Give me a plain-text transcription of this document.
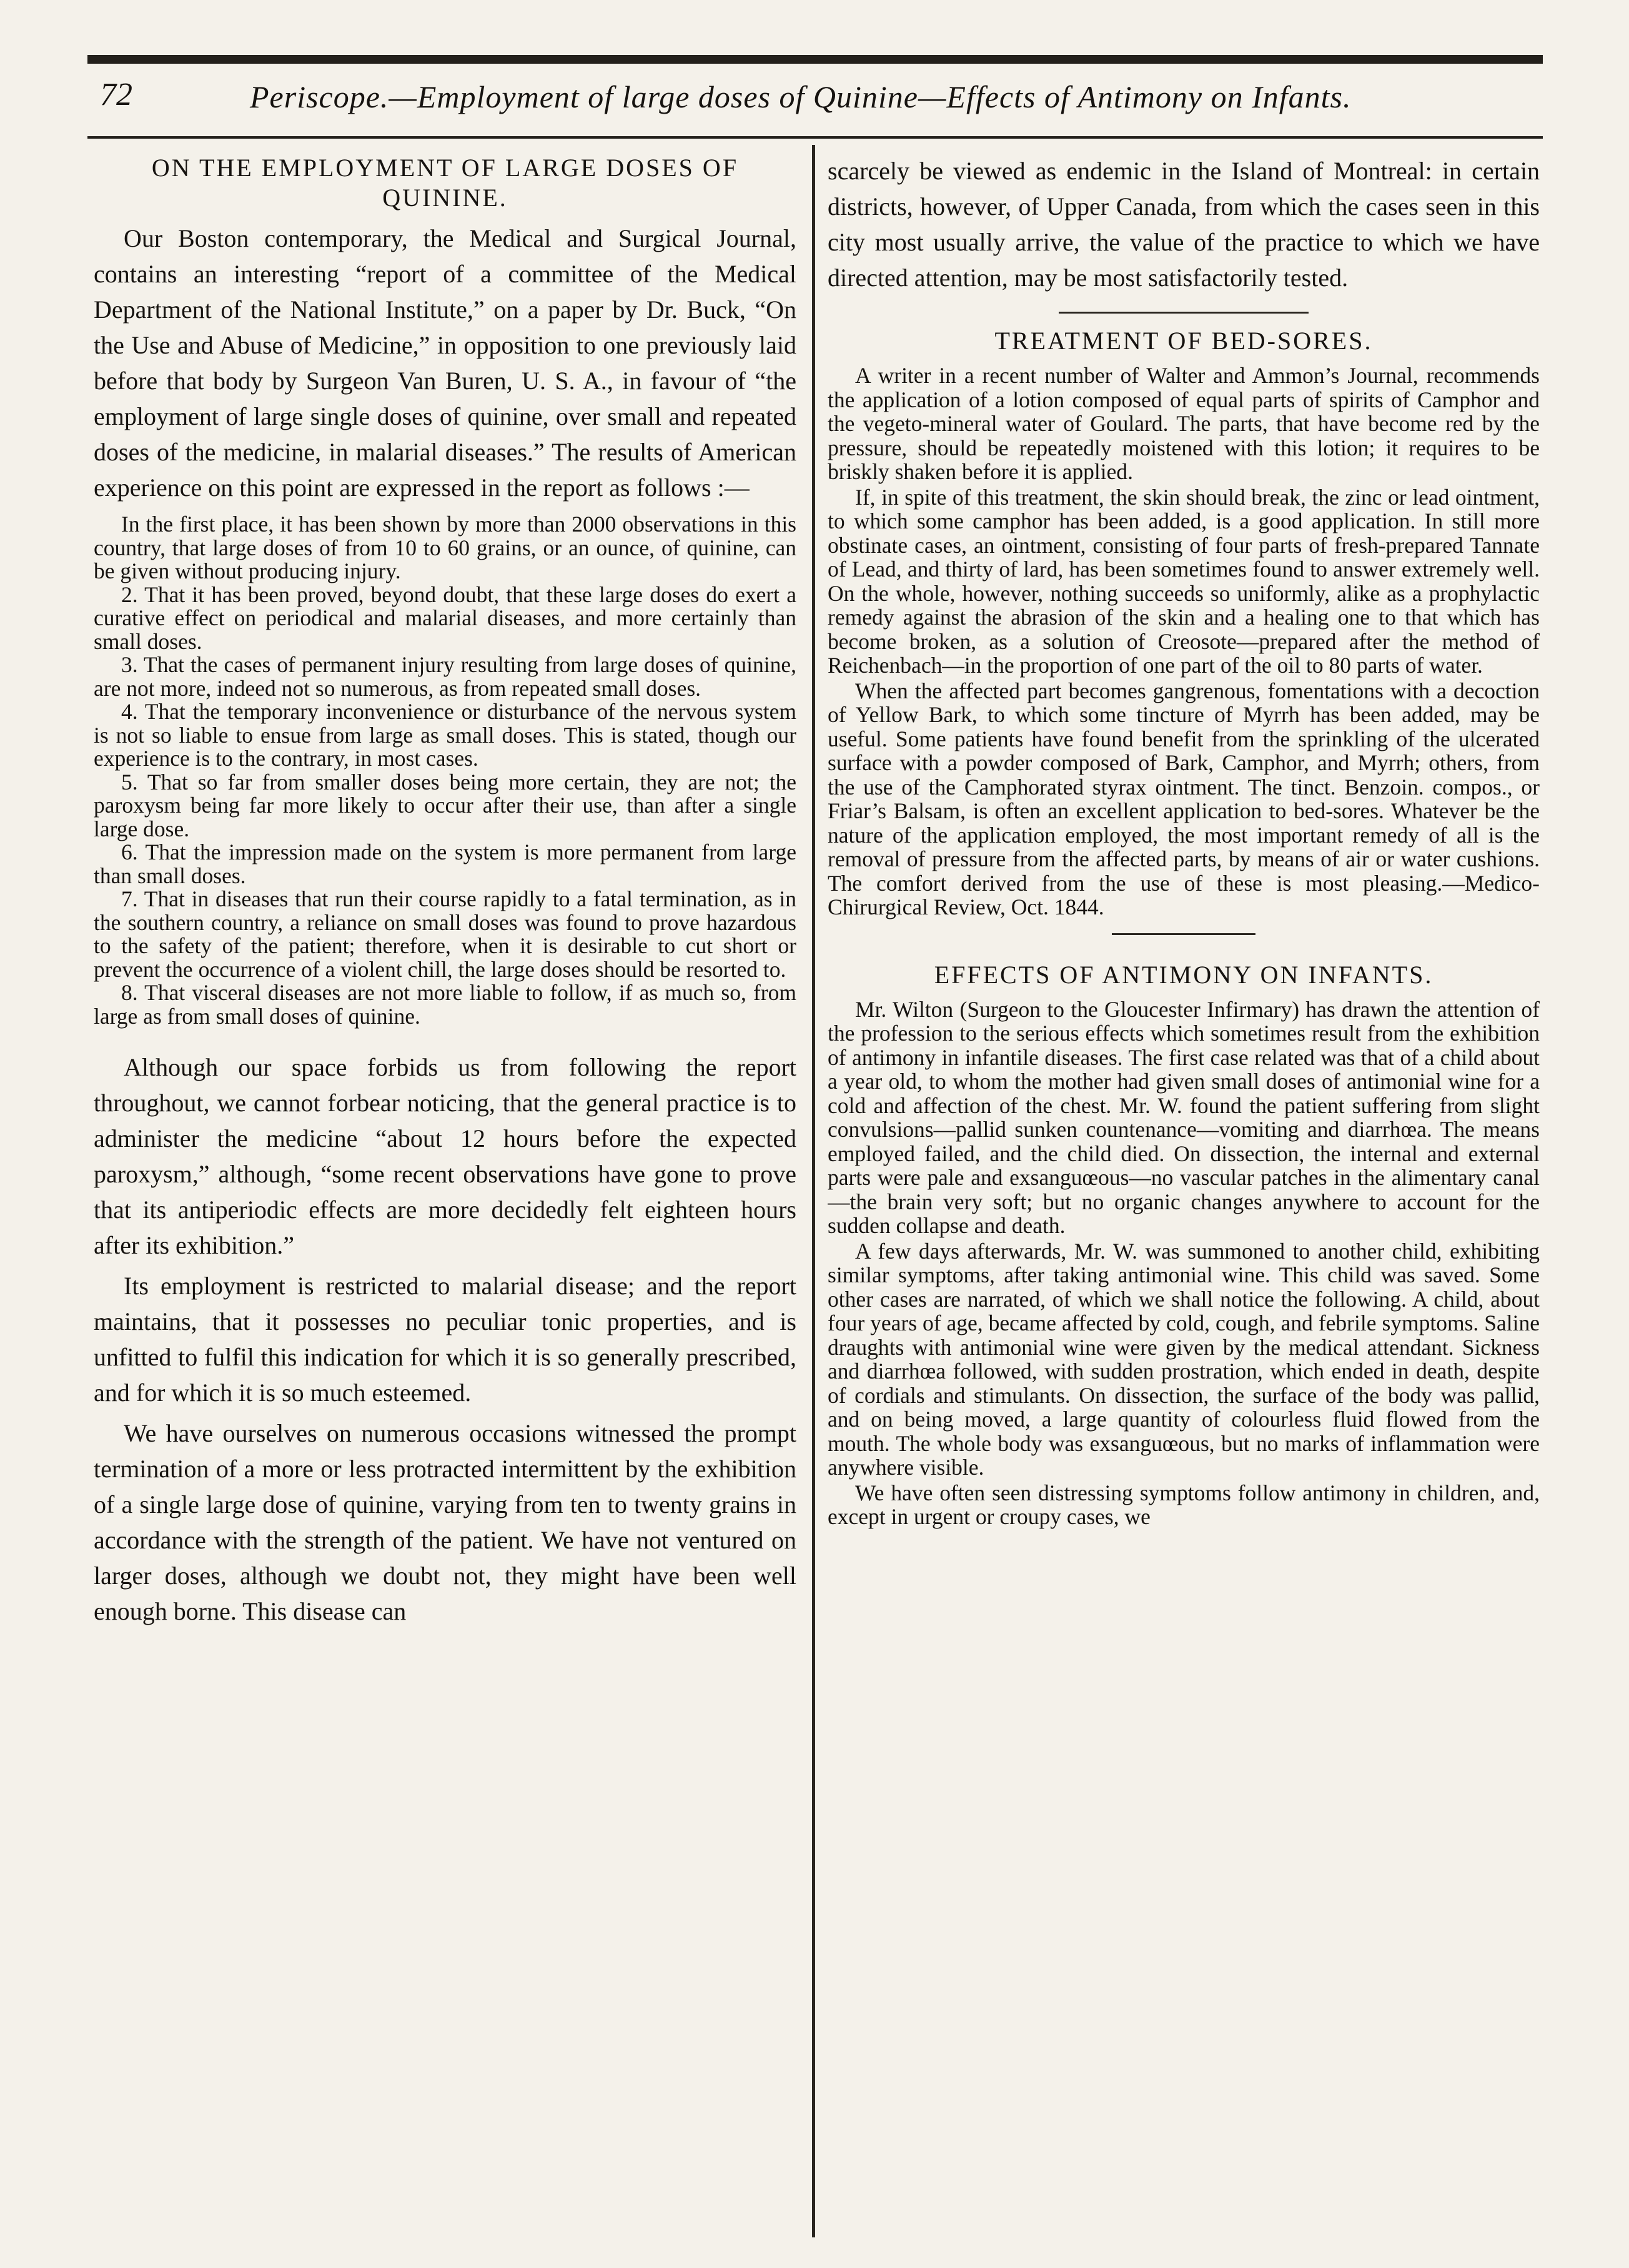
72	Periscope.—Employment of large doses of Quinine—Effects of Antimony on Infants.
ON THE EMPLOYMENT OF LARGE DOSES OF QUININE.

Our Boston contemporary, the Medical and Surgical Journal, contains an interesting “report of a committee of the Medical Department of the National Institute,” on a paper by Dr. Buck, “On the Use and Abuse of Medicine,” in opposition to one previously laid before that body by Surgeon Van Buren, U. S. A., in favour of “the employment of large single doses of quinine, over small and repeated doses of the medicine, in malarial diseases.” The results of American experience on this point are expressed in the report as follows :—

In the first place, it has been shown by more than 2000 observations in this country, that large doses of from 10 to 60 grains, or an ounce, of quinine, can be given without producing injury.

2. That it has been proved, beyond doubt, that these large doses do exert a curative effect on periodical and malarial diseases, and more certainly than small doses.

3. That the cases of permanent injury resulting from large doses of quinine, are not more, indeed not so numerous, as from repeated small doses.

4. That the temporary inconvenience or disturbance of the nervous system is not so liable to ensue from large as small doses. This is stated, though our experience is to the contrary, in most cases.

5. That so far from smaller doses being more certain, they are not; the paroxysm being far more likely to occur after their use, than after a single large dose.

6. That the impression made on the system is more permanent from large than small doses.

7. That in diseases that run their course rapidly to a fatal termination, as in the southern country, a reliance on small doses was found to prove hazardous to the safety of the patient; therefore, when it is desirable to cut short or prevent the occurrence of a violent chill, the large doses should be resorted to.

8. That visceral diseases are not more liable to follow, if as much so, from large as from small doses of quinine.

Although our space forbids us from following the report throughout, we cannot forbear noticing, that the general practice is to administer the medicine “about 12 hours before the expected paroxysm,” although, “some recent observations have gone to prove that its antiperiodic effects are more decidedly felt eighteen hours after its exhibition.”

Its employment is restricted to malarial disease; and the report maintains, that it possesses no peculiar tonic properties, and is unfitted to fulfil this indication for which it is so generally prescribed, and for which it is so much esteemed.

We have ourselves on numerous occasions witnessed the prompt termination of a more or less protracted intermittent by the exhibition of a single large dose of quinine, varying from ten to twenty grains in accordance with the strength of the patient. We have not ventured on larger doses, although we doubt not, they might have been well enough borne. This disease can

scarcely be viewed as endemic in the Island of Montreal: in certain districts, however, of Upper Canada, from which the cases seen in this city most usually arrive, the value of the practice to which we have directed attention, may be most satisfactorily tested.

TREATMENT OF BED-SORES.

A writer in a recent number of Walter and Ammon’s Journal, recommends the application of a lotion composed of equal parts of spirits of Camphor and the vegeto-mineral water of Goulard. The parts, that have become red by the pressure, should be repeatedly moistened with this lotion; it requires to be briskly shaken before it is applied.

If, in spite of this treatment, the skin should break, the zinc or lead ointment, to which some camphor has been added, is a good application. In still more obstinate cases, an ointment, consisting of four parts of fresh-prepared Tannate of Lead, and thirty of lard, has been sometimes found to answer extremely well. On the whole, however, nothing succeeds so uniformly, alike as a prophylactic remedy against the abrasion of the skin and a healing one to that which has become broken, as a solution of Creosote—prepared after the method of Reichenbach—in the proportion of one part of the oil to 80 parts of water.

When the affected part becomes gangrenous, fomentations with a decoction of Yellow Bark, to which some tincture of Myrrh has been added, may be useful. Some patients have found benefit from the sprinkling of the ulcerated surface with a powder composed of Bark, Camphor, and Myrrh; others, from the use of the Camphorated styrax ointment. The tinct. Benzoin. compos., or Friar’s Balsam, is often an excellent application to bed-sores. Whatever be the nature of the application employed, the most important remedy of all is the removal of pressure from the affected parts, by means of air or water cushions. The comfort derived from the use of these is most pleasing.—Medico-Chirurgical Review, Oct. 1844.

EFFECTS OF ANTIMONY ON INFANTS.

Mr. Wilton (Surgeon to the Gloucester Infirmary) has drawn the attention of the profession to the serious effects which sometimes result from the exhibition of antimony in infantile diseases. The first case related was that of a child about a year old, to whom the mother had given small doses of antimonial wine for a cold and affection of the chest. Mr. W. found the patient suffering from slight convulsions—pallid sunken countenance—vomiting and diarrhœa. The means employed failed, and the child died. On dissection, the internal and external parts were pale and exsanguœous—no vascular patches in the alimentary canal—the brain very soft; but no organic changes anywhere to account for the sudden collapse and death.

A few days afterwards, Mr. W. was summoned to another child, exhibiting similar symptoms, after taking antimonial wine. This child was saved. Some other cases are narrated, of which we shall notice the following. A child, about four years of age, became affected by cold, cough, and febrile symptoms. Saline draughts with antimonial wine were given by the medical attendant. Sickness and diarrhœa followed, with sudden prostration, which ended in death, despite of cordials and stimulants. On dissection, the surface of the body was pallid, and on being moved, a large quantity of colourless fluid flowed from the mouth. The whole body was exsanguœous, but no marks of inflammation were anywhere visible.

We have often seen distressing symptoms follow antimony in children, and, except in urgent or croupy cases, we
